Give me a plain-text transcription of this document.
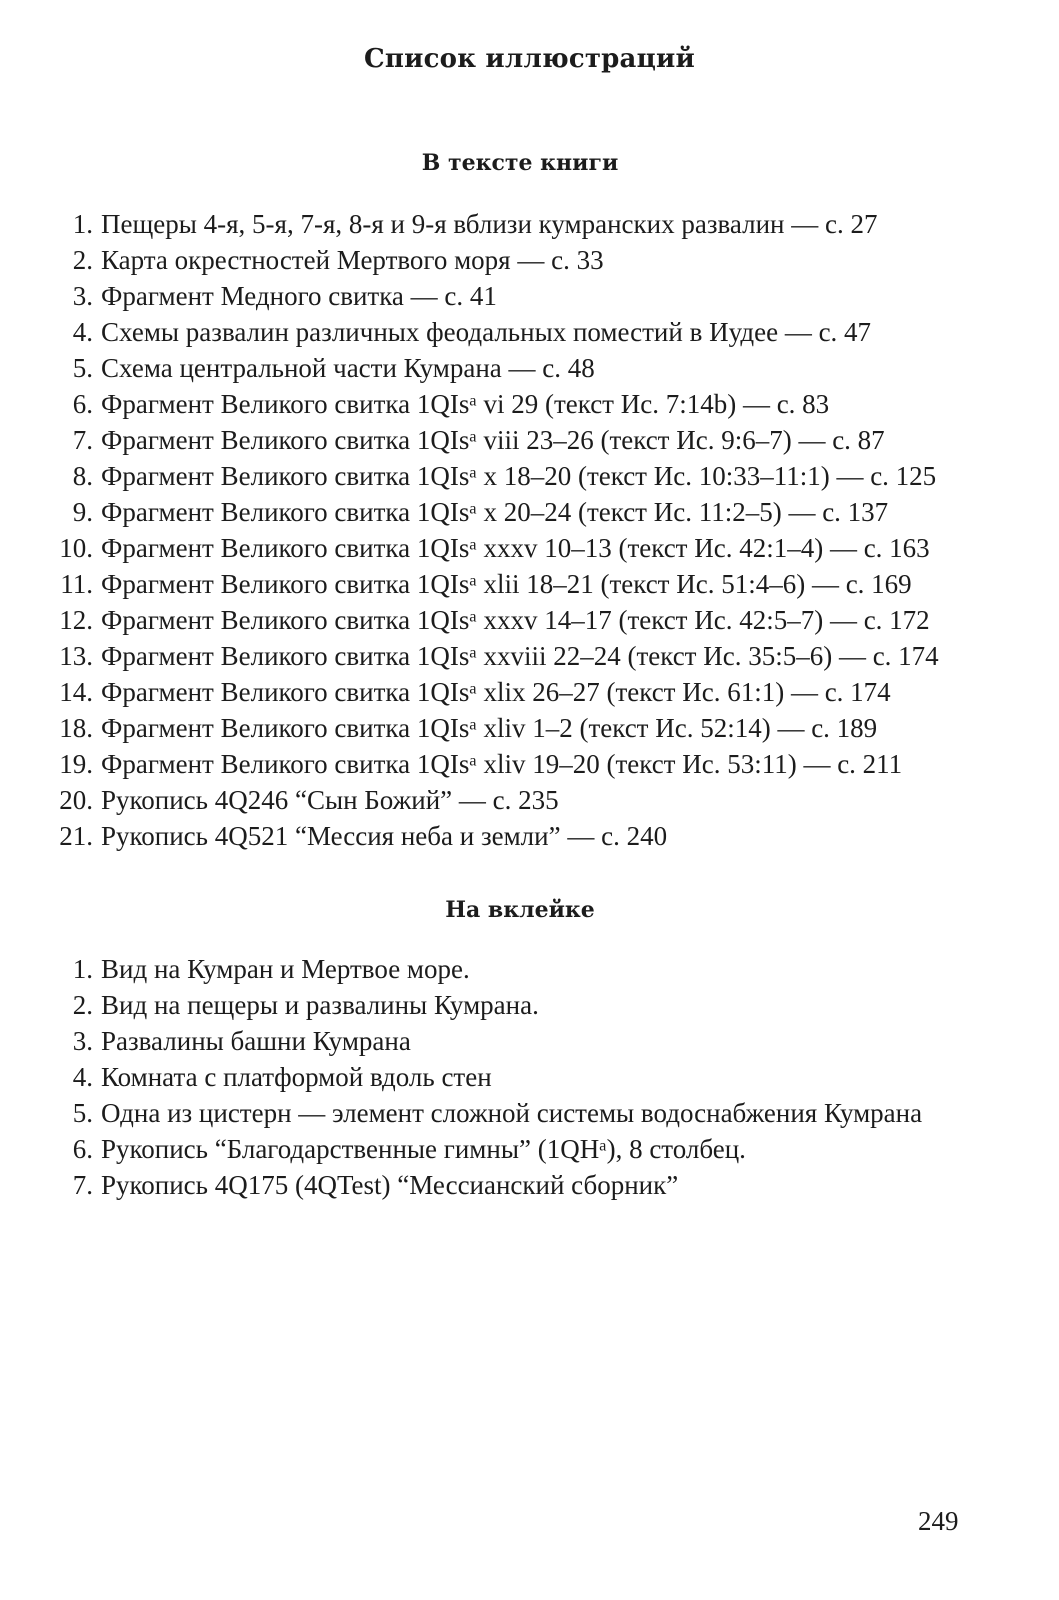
Список иллюстраций
В тексте книги
1. Пещеры 4-я, 5-я, 7-я, 8-я и 9-я вблизи кумранских развалин — с. 27
2. Карта окрестностей Мертвого моря — с. 33
3. Фрагмент Медного свитка — с. 41
4. Схемы развалин различных феодальных поместий в Иудее — с. 47
5. Схема центральной части Кумрана — с. 48
6. Фрагмент Великого свитка 1QIsᵃ vi 29 (текст Ис. 7:14b) — с. 83
7. Фрагмент Великого свитка 1QIsᵃ viii 23–26 (текст Ис. 9:6–7) — с. 87
8. Фрагмент Великого свитка 1QIsᵃ x 18–20 (текст Ис. 10:33–11:1) — с. 125
9. Фрагмент Великого свитка 1QIsᵃ x 20–24 (текст Ис. 11:2–5) — с. 137
10. Фрагмент Великого свитка 1QIsᵃ xxxv 10–13 (текст Ис. 42:1–4) — с. 163
11. Фрагмент Великого свитка 1QIsᵃ xlii 18–21 (текст Ис. 51:4–6) — с. 169
12. Фрагмент Великого свитка 1QIsᵃ xxxv 14–17 (текст Ис. 42:5–7) — с. 172
13. Фрагмент Великого свитка 1QIsᵃ xxviii 22–24 (текст Ис. 35:5–6) — с. 174
14. Фрагмент Великого свитка 1QIsᵃ xlix 26–27 (текст Ис. 61:1) — с. 174
18. Фрагмент Великого свитка 1QIsᵃ xliv 1–2 (текст Ис. 52:14) — с. 189
19. Фрагмент Великого свитка 1QIsᵃ xliv 19–20 (текст Ис. 53:11) — с. 211
20. Рукопись 4Q246 “Сын Божий” — с. 235
21. Рукопись 4Q521 “Мессия неба и земли” — с. 240
На вклейке
1. Вид на Кумран и Мертвое море.
2. Вид на пещеры и развалины Кумрана.
3. Развалины башни Кумрана
4. Комната с платформой вдоль стен
5. Одна из цистерн — элемент сложной системы водоснабжения Кумрана
6. Рукопись “Благодарственные гимны” (1QHᵃ), 8 столбец.
7. Рукопись 4Q175 (4QTest) “Мессианский сборник”
249
